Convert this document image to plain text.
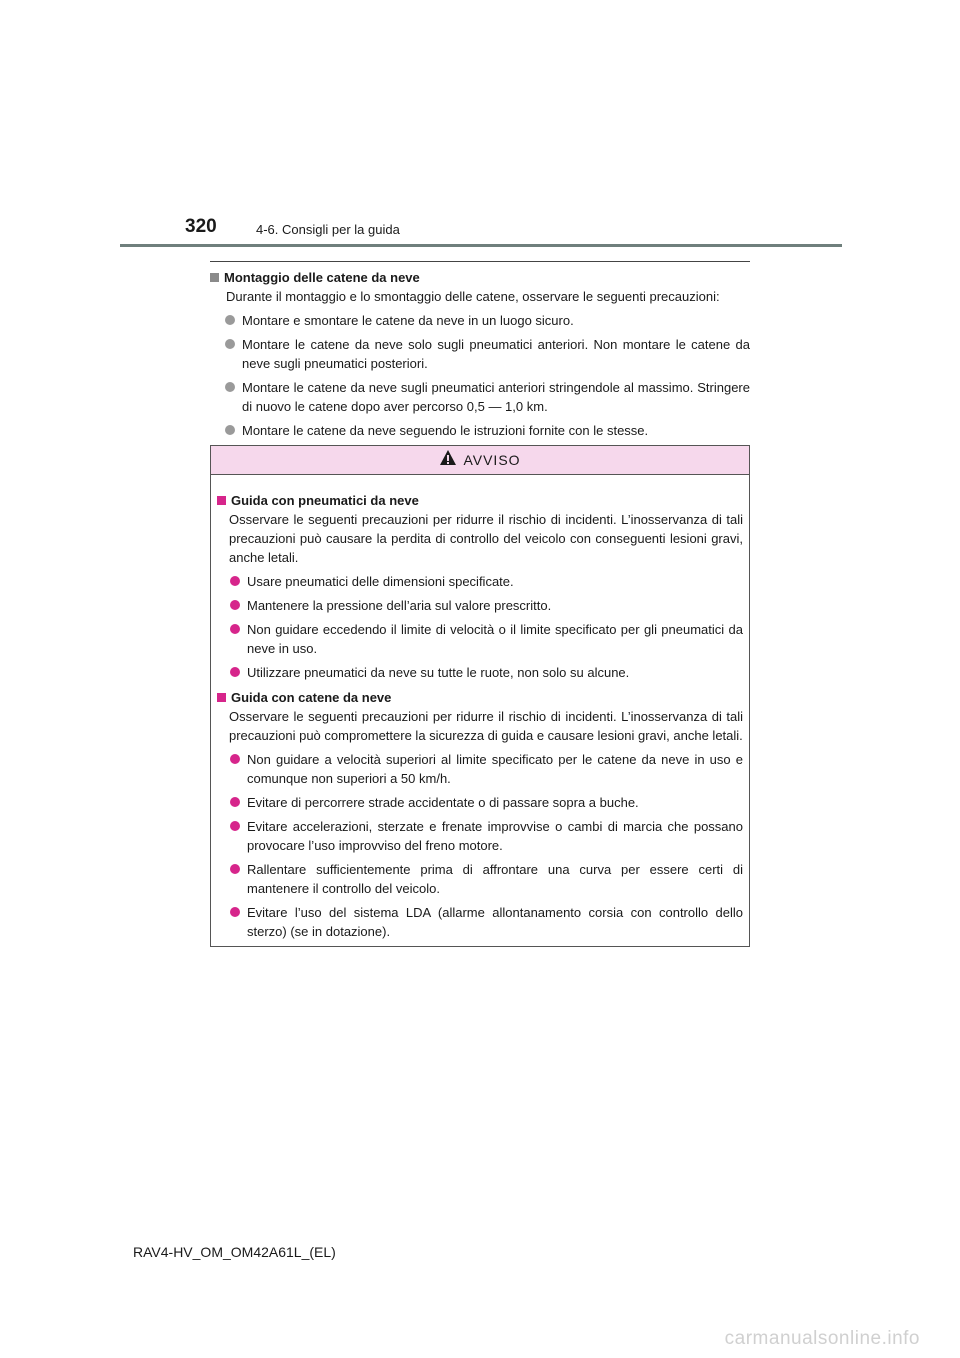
320	4-6. Consigli per la guida
Montaggio delle catene da neve
Durante il montaggio e lo smontaggio delle catene, osservare le seguenti precauzioni:
Montare e smontare le catene da neve in un luogo sicuro.
Montare le catene da neve solo sugli pneumatici anteriori. Non montare le catene da neve sugli pneumatici posteriori.
Montare le catene da neve sugli pneumatici anteriori stringendole al massimo. Stringere di nuovo le catene dopo aver percorso 0,5 — 1,0 km.
Montare le catene da neve seguendo le istruzioni fornite con le stesse.
AVVISO
Guida con pneumatici da neve
Osservare le seguenti precauzioni per ridurre il rischio di incidenti. L’inosservanza di tali precauzioni può causare la perdita di controllo del veicolo con conseguenti lesioni gravi, anche letali.
Usare pneumatici delle dimensioni specificate.
Mantenere la pressione dell’aria sul valore prescritto.
Non guidare eccedendo il limite di velocità o il limite specificato per gli pneumatici da neve in uso.
Utilizzare pneumatici da neve su tutte le ruote, non solo su alcune.
Guida con catene da neve
Osservare le seguenti precauzioni per ridurre il rischio di incidenti. L’inosservanza di tali precauzioni può compromettere la sicurezza di guida e causare lesioni gravi, anche letali.
Non guidare a velocità superiori al limite specificato per le catene da neve in uso e comunque non superiori a 50 km/h.
Evitare di percorrere strade accidentate o di passare sopra a buche.
Evitare accelerazioni, sterzate e frenate improvvise o cambi di marcia che possano provocare l’uso improvviso del freno motore.
Rallentare sufficientemente prima di affrontare una curva per essere certi di mantenere il controllo del veicolo.
Evitare l’uso del sistema LDA (allarme allontanamento corsia con controllo dello sterzo) (se in dotazione).
RAV4-HV_OM_OM42A61L_(EL)
carmanualsonline.info
